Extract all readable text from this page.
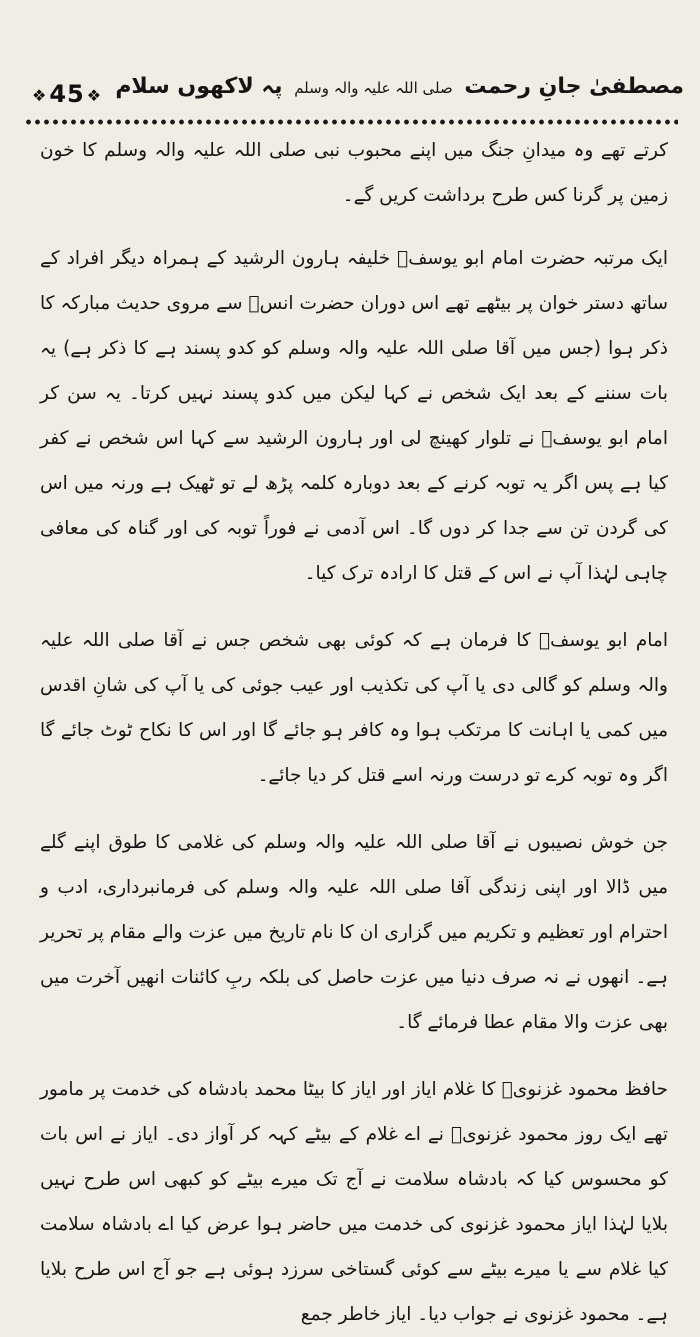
❖45 ❖	مصطفیٰ جانِ رحمت صلی اللہ علیہ والہ وسلم پہ لاکھوں سلام

کرتے تھے وہ میدانِ جنگ میں اپنے محبوب نبی صلی اللہ علیہ والہ وسلم کا خون زمین پر گرنا کس طرح برداشت کریں گے۔

ایک مرتبہ حضرت امام ابو یوسفؒ خلیفہ ہارون الرشید کے ہمراہ دیگر افراد کے ساتھ دستر خوان پر بیٹھے تھے اس دوران حضرت انسؓ سے مروی حدیث مبارکہ کا ذکر ہوا (جس میں آقا صلی اللہ علیہ والہ وسلم کو کدو پسند ہے کا ذکر ہے) یہ بات سننے کے بعد ایک شخص نے کہا لیکن میں کدو پسند نہیں کرتا۔ یہ سن کر امام ابو یوسفؒ نے تلوار کھینچ لی اور ہارون الرشید سے کہا اس شخص نے کفر کیا ہے پس اگر یہ توبہ کرنے کے بعد دوبارہ کلمہ پڑھ لے تو ٹھیک ہے ورنہ میں اس کی گردن تن سے جدا کر دوں گا۔ اس آدمی نے فوراً توبہ کی اور گناہ کی معافی چاہی لہٰذا آپ نے اس کے قتل کا ارادہ ترک کیا۔

امام ابو یوسفؒ کا فرمان ہے کہ کوئی بھی شخص جس نے آقا صلی اللہ علیہ والہ وسلم کو گالی دی یا آپ کی تکذیب اور عیب جوئی کی یا آپ کی شانِ اقدس میں کمی یا اہانت کا مرتکب ہوا وہ کافر ہو جائے گا اور اس کا نکاح ٹوٹ جائے گا اگر وہ توبہ کرے تو درست ورنہ اسے قتل کر دیا جائے۔

جن خوش نصیبوں نے آقا صلی اللہ علیہ والہ وسلم کی غلامی کا طوق اپنے گلے میں ڈالا اور اپنی زندگی آقا صلی اللہ علیہ والہ وسلم کی فرمانبرداری، ادب و احترام اور تعظیم و تکریم میں گزاری ان کا نام تاریخ میں عزت والے مقام پر تحریر ہے۔ انھوں نے نہ صرف دنیا میں عزت حاصل کی بلکہ ربِ کائنات انھیں آخرت میں بھی عزت والا مقام عطا فرمائے گا۔

حافظ محمود غزنویؒ کا غلام ایاز اور ایاز کا بیٹا محمد بادشاہ کی خدمت پر مامور تھے ایک روز محمود غزنویؒ نے اے غلام کے بیٹے کہہ کر آواز دی۔ ایاز نے اس بات کو محسوس کیا کہ بادشاہ سلامت نے آج تک میرے بیٹے کو کبھی اس طرح نہیں بلایا لہٰذا ایاز محمود غزنوی کی خدمت میں حاضر ہوا عرض کیا اے بادشاہ سلامت کیا غلام سے یا میرے بیٹے سے کوئی گستاخی سرزد ہوئی ہے جو آج اس طرح بلایا ہے۔ محمود غزنوی نے جواب دیا۔ ایاز خاطر جمع
